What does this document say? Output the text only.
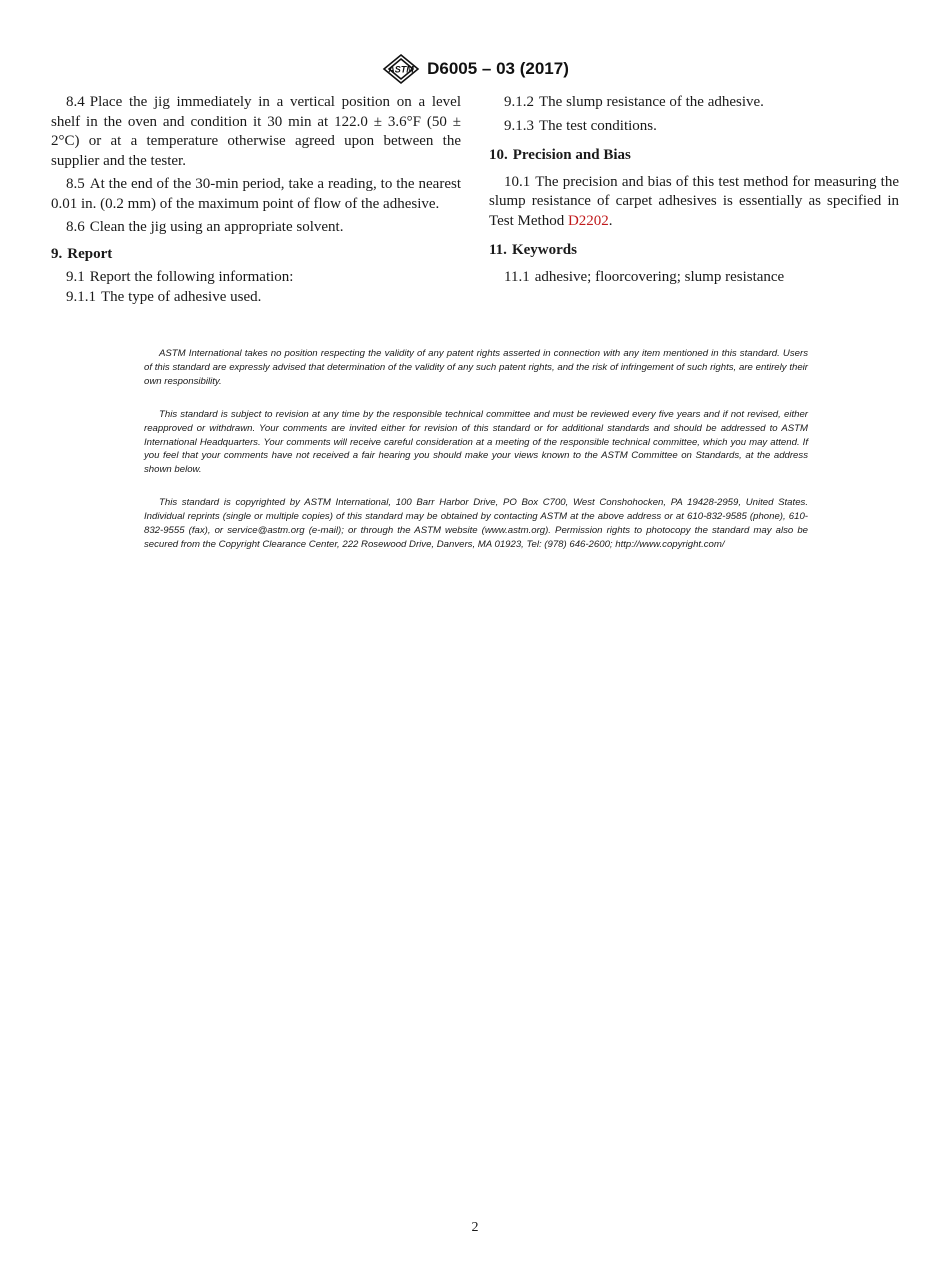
ASTM D6005 – 03 (2017)

8.4 Place the jig immediately in a vertical position on a level shelf in the oven and condition it 30 min at 122.0 ± 3.6°F (50 ± 2°C) or at a temperature otherwise agreed upon between the supplier and the tester.

8.5 At the end of the 30-min period, take a reading, to the nearest 0.01 in. (0.2 mm) of the maximum point of flow of the adhesive.

8.6 Clean the jig using an appropriate solvent.

9. Report

9.1 Report the following information:

9.1.1 The type of adhesive used.

9.1.2 The slump resistance of the adhesive.

9.1.3 The test conditions.

10. Precision and Bias

10.1 The precision and bias of this test method for measuring the slump resistance of carpet adhesives is essentially as specified in Test Method D2202.

11. Keywords

11.1 adhesive; floorcovering; slump resistance

ASTM International takes no position respecting the validity of any patent rights asserted in connection with any item mentioned in this standard. Users of this standard are expressly advised that determination of the validity of any such patent rights, and the risk of infringement of such rights, are entirely their own responsibility.

This standard is subject to revision at any time by the responsible technical committee and must be reviewed every five years and if not revised, either reapproved or withdrawn. Your comments are invited either for revision of this standard or for additional standards and should be addressed to ASTM International Headquarters. Your comments will receive careful consideration at a meeting of the responsible technical committee, which you may attend. If you feel that your comments have not received a fair hearing you should make your views known to the ASTM Committee on Standards, at the address shown below.

This standard is copyrighted by ASTM International, 100 Barr Harbor Drive, PO Box C700, West Conshohocken, PA 19428-2959, United States. Individual reprints (single or multiple copies) of this standard may be obtained by contacting ASTM at the above address or at 610-832-9585 (phone), 610-832-9555 (fax), or service@astm.org (e-mail); or through the ASTM website (www.astm.org). Permission rights to photocopy the standard may also be secured from the Copyright Clearance Center, 222 Rosewood Drive, Danvers, MA 01923, Tel: (978) 646-2600; http://www.copyright.com/

2
